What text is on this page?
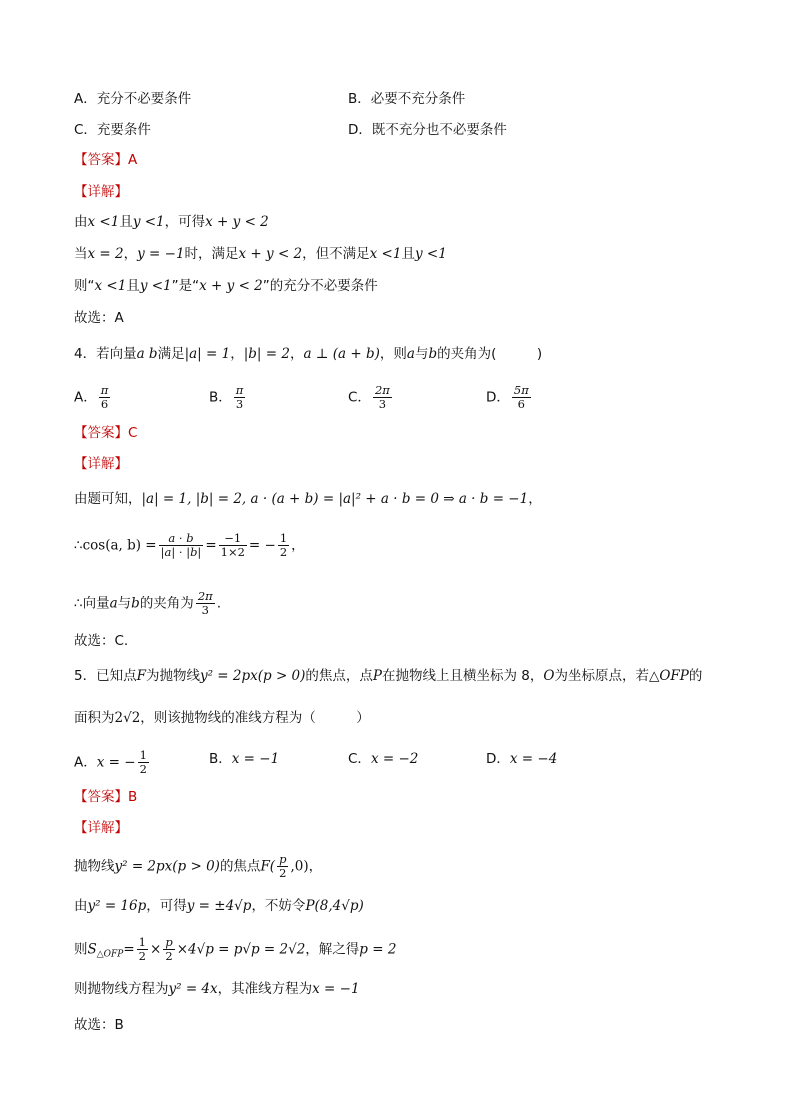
A．充分不必要条件	B．必要不充分条件
C．充要条件	D．既不充分也不必要条件
【答案】A
【详解】
由x <1且y <1，可得x + y < 2
当x = 2，y = −1时，满足x + y < 2，但不满足x <1且y <1
则“x <1且y <1”是“x + y < 2”的充分不必要条件
故选：A
4．若向量a b满足|a| = 1，|b| = 2，a ⊥ (a + b)，则a与b的夹角为(　　　)
A． $\frac{\pi}{6}$	B． $\frac{\pi}{3}$	C． $\frac{2\pi}{3}$	D． $\frac{5\pi}{6}$
【答案】C
【详解】
由题可知，|a| = 1, |b| = 2, a · (a + b) = |a|² + a · b = 0 ⇒ a · b = −1，
∴cos(a, $b) = \frac{a \cdot b}{|a| \cdot |b|} = \frac{-1}{1\times 2}$ = − $\frac{1}{2}$ ，
∴向量a与b的夹角为 $\frac{2\pi}{3}$ .
故选：C.
5．已知点F为抛物线y² = 2px(p > 0)的焦点，点P在抛物线上且横坐标为 8，O为坐标原点，若△OFP的
面积为2√2，则该抛物线的准线方程为（　　　）
A．x = − $\frac{1}{2}$	B．x = −1	C．x = −2	D．x = −4
【答案】B
【详解】
抛物线y² = 2px(p > 0)的焦点$F( \frac{p}{2} ,0)$，
由y² = 16p，可得y = ±4√p，不妨令P(8,4√p)
则$S_{\triangle OFP}= \frac{1}{2} \times \frac{p}{2} \times 4√p = p√p = 2√2$，解之得p = 2
则抛物线方程为y² = 4x，其准线方程为x = −1
故选：B
